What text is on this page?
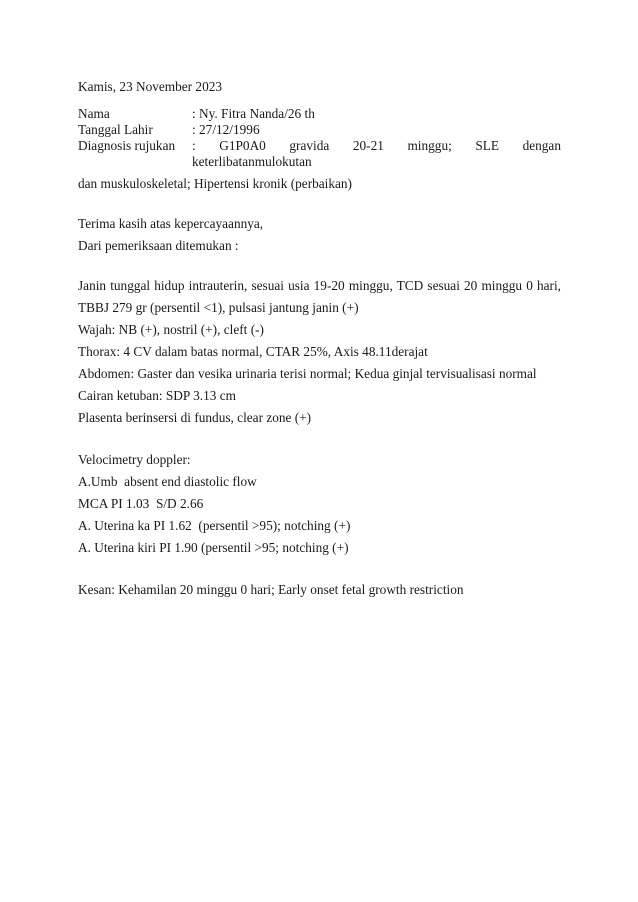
Kamis, 23 November 2023
Nama	: Ny. Fitra Nanda/26 th
Tanggal Lahir	: 27/12/1996
Diagnosis rujukan	: G1P0A0 gravida 20-21 minggu; SLE dengan keterlibatanmulokutan
dan muskuloskeletal; Hipertensi kronik (perbaikan)
Terima kasih atas kepercayaannya,
Dari pemeriksaan ditemukan :
Janin tunggal hidup intrauterin, sesuai usia 19-20 minggu, TCD sesuai 20 minggu 0 hari,
TBBJ 279 gr (persentil <1), pulsasi jantung janin (+)
Wajah: NB (+), nostril (+), cleft (-)
Thorax: 4 CV dalam batas normal, CTAR 25%, Axis 48.11derajat
Abdomen: Gaster dan vesika urinaria terisi normal; Kedua ginjal tervisualisasi normal
Cairan ketuban: SDP 3.13 cm
Plasenta berinsersi di fundus, clear zone (+)
Velocimetry doppler:
A.Umb  absent end diastolic flow
MCA PI 1.03  S/D 2.66
A. Uterina ka PI 1.62  (persentil >95); notching (+)
A. Uterina kiri PI 1.90 (persentil >95; notching (+)
Kesan: Kehamilan 20 minggu 0 hari; Early onset fetal growth restriction
